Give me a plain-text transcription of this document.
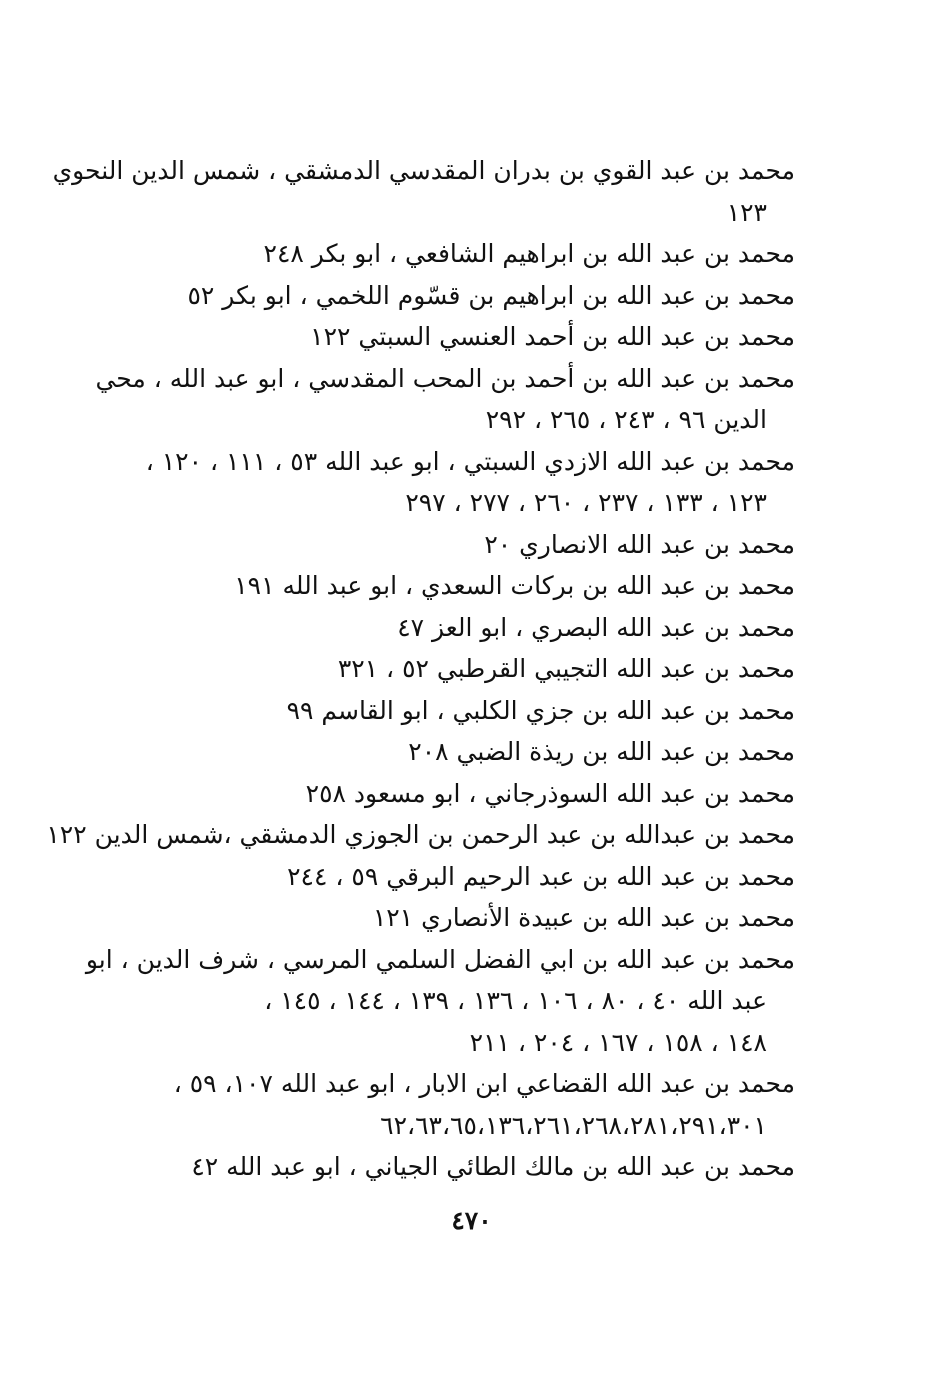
محمد بن عبد القوي بن بدران المقدسي الدمشقي ، شمس الدين النحوي

١٢٣

محمد بن عبد الله بن ابراهيم الشافعي ، ابو بكر ٢٤٨

محمد بن عبد الله بن ابراهيم بن قسّوم اللخمي ، ابو بكر ٥٢

محمد بن عبد الله بن أحمد العنسي السبتي ١٢٢

محمد بن عبد الله بن أحمد بن المحب المقدسي ، ابو عبد الله ، محي

الدين ٩٦ ، ٢٤٣ ، ٢٦٥ ، ٢٩٢

محمد بن عبد الله الازدي السبتي ، ابو عبد الله ٥٣ ، ١١١ ، ١٢٠ ،

١٢٣ ، ١٣٣ ، ٢٣٧ ، ٢٦٠ ، ٢٧٧ ، ٢٩٧

محمد بن عبد الله الانصاري ٢٠

محمد بن عبد الله بن بركات السعدي ، ابو عبد الله ١٩١

محمد بن عبد الله البصري ، ابو العز ٤٧

محمد بن عبد الله التجيبي القرطبي ٥٢ ، ٣٢١

محمد بن عبد الله بن جزي الكلبي ، ابو القاسم ٩٩

محمد بن عبد الله بن ريذة الضبي ٢٠٨

محمد بن عبد الله السوذرجاني ، ابو مسعود ٢٥٨

محمد بن عبدالله بن عبد الرحمن بن الجوزي الدمشقي ،شمس الدين ١٢٢

محمد بن عبد الله بن عبد الرحيم البرقي ٥٩ ، ٢٤٤

محمد بن عبد الله بن عبيدة الأنصاري ١٢١

محمد بن عبد الله بن ابي الفضل السلمي المرسي ، شرف الدين ، ابو

عبد الله ٤٠ ، ٨٠ ، ١٠٦ ، ١٣٦ ، ١٣٩ ، ١٤٤ ، ١٤٥ ،

١٤٨ ، ١٥٨ ، ١٦٧ ، ٢٠٤ ، ٢١١

محمد بن عبد الله القضاعي ابن الابار ، ابو عبد الله ١٠٧، ٥٩ ،

٦٢،٦٣،٦٥،١٣٦،٢٦١،٢٦٨،٢٨١،٢٩١،٣٠١

محمد بن عبد الله بن مالك الطائي الجياني ، ابو عبد الله ٤٢

٤٧٠
